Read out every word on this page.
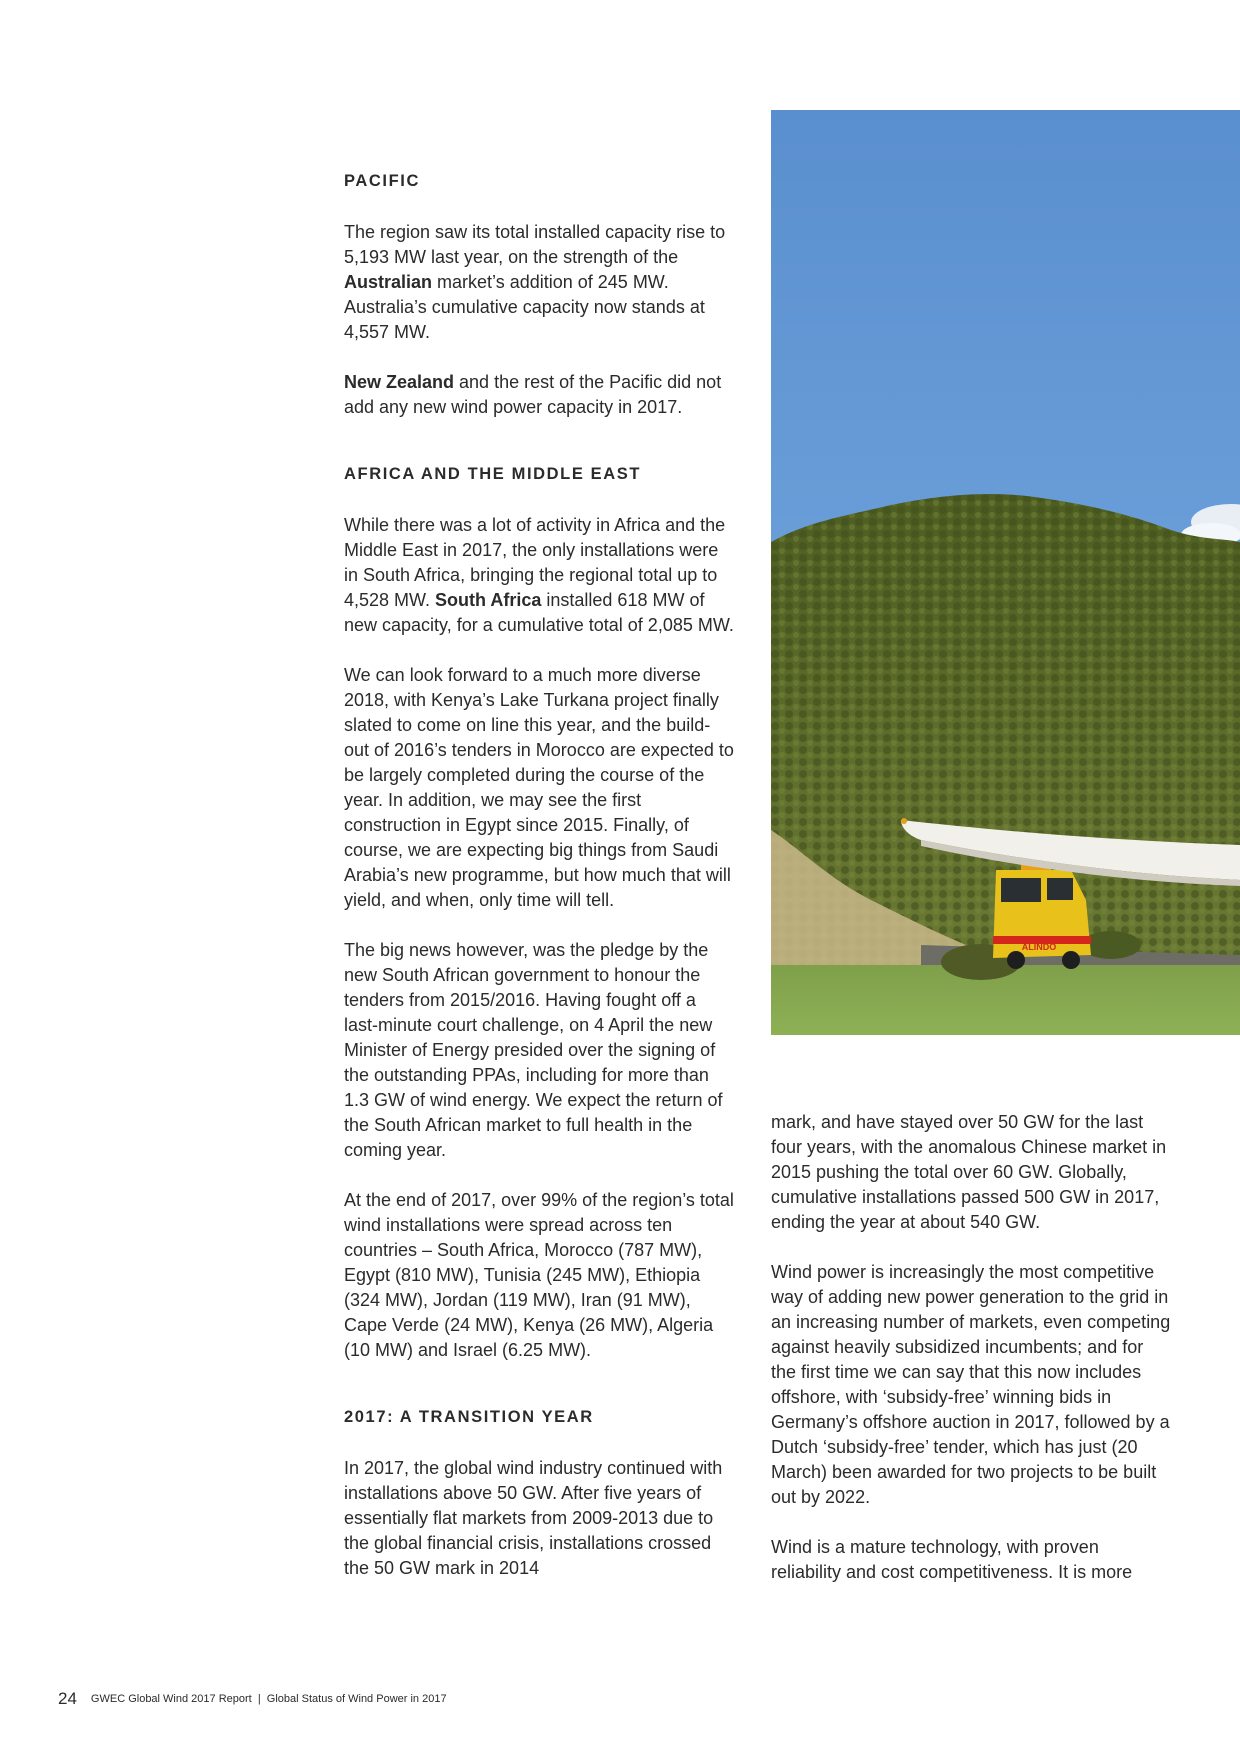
PACIFIC

The region saw its total installed capacity rise to 5,193 MW last year, on the strength of the Australian market’s addition of 245 MW. Australia’s cumulative capacity now stands at 4,557 MW.

New Zealand and the rest of the Pacific did not add any new wind power capacity in 2017.

AFRICA AND THE MIDDLE EAST

While there was a lot of activity in Africa and the Middle East in 2017, the only installations were in South Africa, bringing the regional total up to 4,528 MW. South Africa installed 618 MW of new capacity, for a cumulative total of 2,085 MW.

We can look forward to a much more diverse 2018, with Kenya’s Lake Turkana project finally slated to come on line this year, and the build-out of 2016’s tenders in Morocco are expected to be largely completed during the course of the year. In addition, we may see the first construction in Egypt since 2015. Finally, of course, we are expecting big things from Saudi Arabia’s new programme, but how much that will yield, and when, only time will tell.

The big news however, was the pledge by the new South African government to honour the tenders from 2015/2016. Having fought off a last-minute court challenge, on 4 April the new Minister of Energy presided over the signing of the outstanding PPAs, including for more than 1.3 GW of wind energy. We expect the return of the South African market to full health in the coming year.

At the end of 2017, over 99% of the region’s total wind installations were spread across ten countries – South Africa, Morocco (787 MW), Egypt (810 MW), Tunisia (245 MW), Ethiopia (324 MW), Jordan (119 MW), Iran (91 MW), Cape Verde (24 MW), Kenya (26 MW), Algeria (10 MW) and Israel (6.25 MW).

2017: A TRANSITION YEAR

In 2017, the global wind industry continued with installations above 50 GW. After five years of essentially flat markets from 2009-2013 due to the global financial crisis, installations crossed the 50 GW mark in 2014

ALINDO

mark, and have stayed over 50 GW for the last four years, with the anomalous Chinese market in 2015 pushing the total over 60 GW. Globally, cumulative installations passed 500 GW in 2017, ending the year at about 540 GW.

Wind power is increasingly the most competitive way of adding new power generation to the grid in an increasing number of markets, even competing against heavily subsidized incumbents; and for the first time we can say that this now includes offshore, with ‘subsidy-free’ winning bids in Germany’s offshore auction in 2017, followed by a Dutch ‘subsidy-free’ tender, which has just (20 March) been awarded for two projects to be built out by 2022.

Wind is a mature technology, with proven reliability and cost competitiveness. It is more

24 GWEC Global Wind 2017 Report  |  Global Status of Wind Power in 2017
